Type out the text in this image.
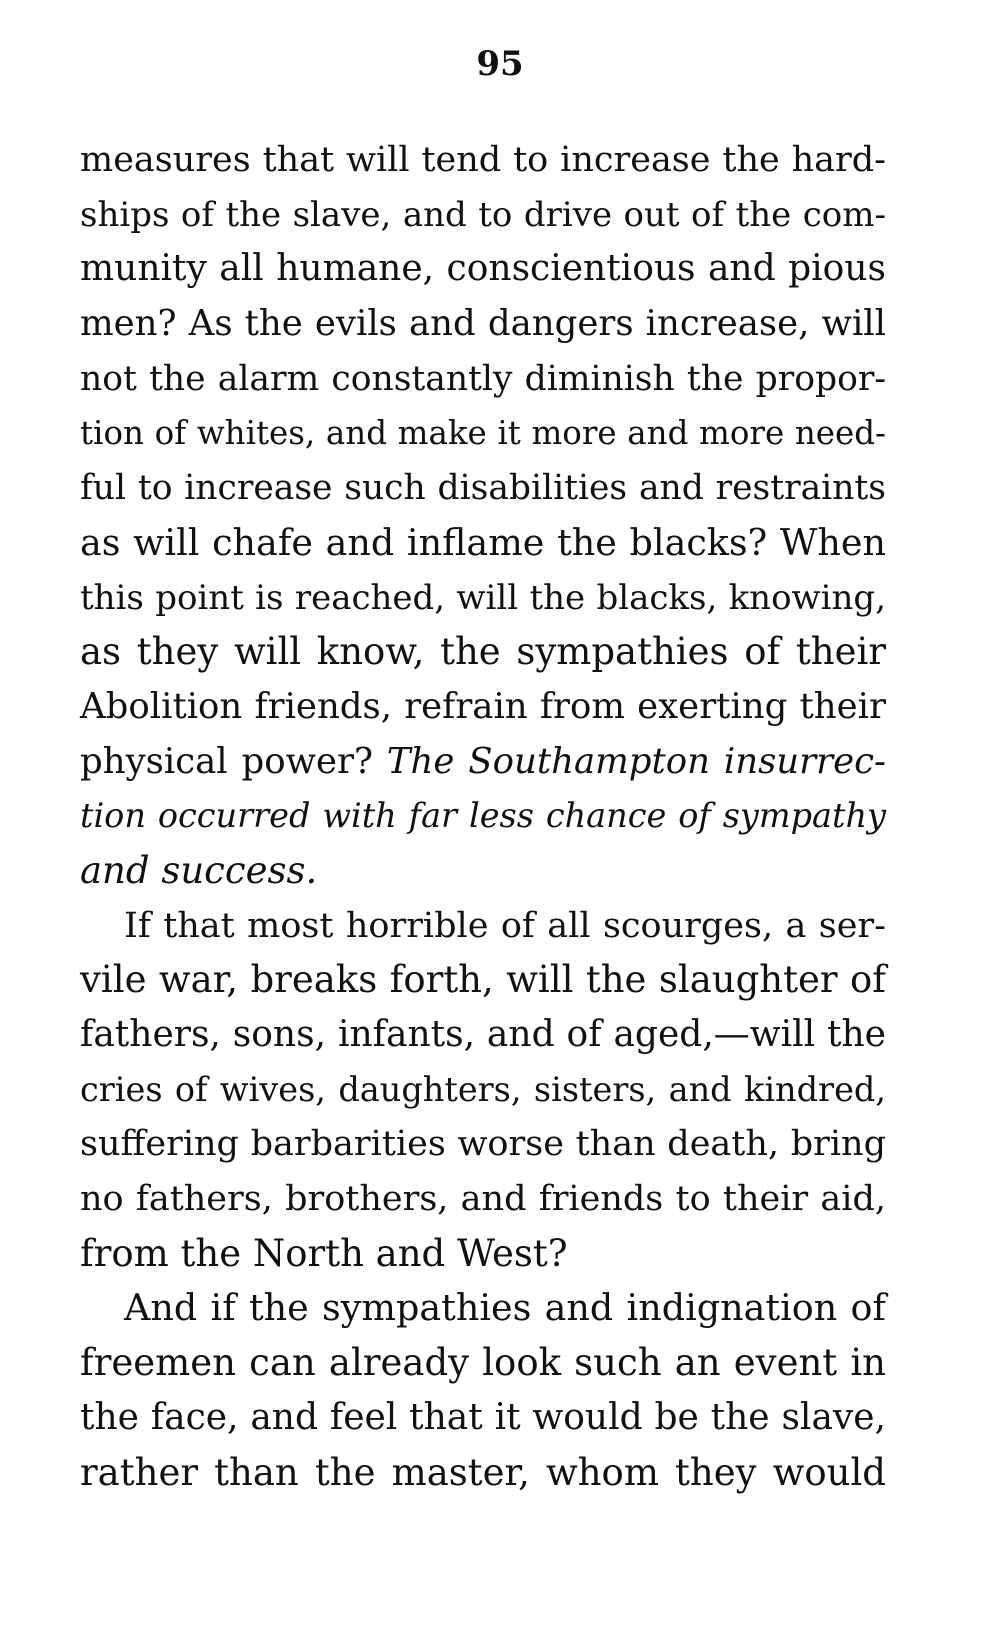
95
measures that will tend to increase the hard-
ships of the slave, and to drive out of the com-
munity all humane, conscientious and pious
men? As the evils and dangers increase, will
not the alarm constantly diminish the propor-
tion of whites, and make it more and more need-
ful to increase such disabilities and restraints
as will chafe and inflame the blacks? When
this point is reached, will the blacks, knowing,
as they will know, the sympathies of their
Abolition friends, refrain from exerting their
physical power? The Southampton insurrec-
tion occurred with far less chance of sympathy
and success.
If that most horrible of all scourges, a ser-
vile war, breaks forth, will the slaughter of
fathers, sons, infants, and of aged,—will the
cries of wives, daughters, sisters, and kindred,
suffering barbarities worse than death, bring
no fathers, brothers, and friends to their aid,
from the North and West?
And if the sympathies and indignation of
freemen can already look such an event in
the face, and feel that it would be the slave,
rather than the master, whom they would
